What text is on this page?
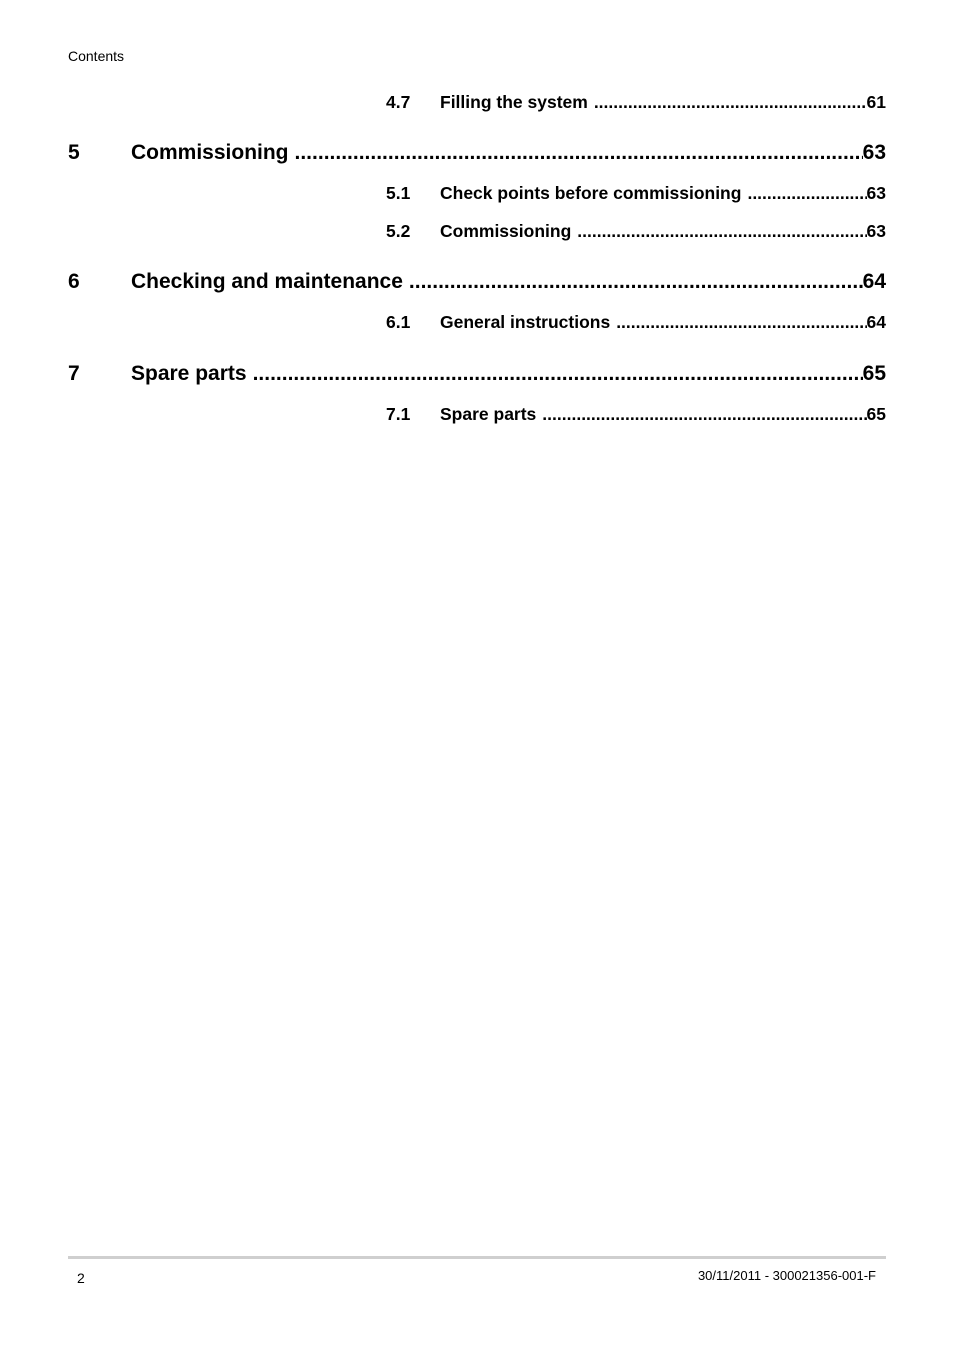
Contents
4.7	Filling the system .....	61
5	Commissioning .....	63
5.1	Check points before commissioning .....	63
5.2	Commissioning .....	63
6	Checking and maintenance .....	64
6.1	General instructions .....	64
7	Spare parts .....	65
7.1	Spare parts .....	65
2	30/11/2011 - 300021356-001-F
